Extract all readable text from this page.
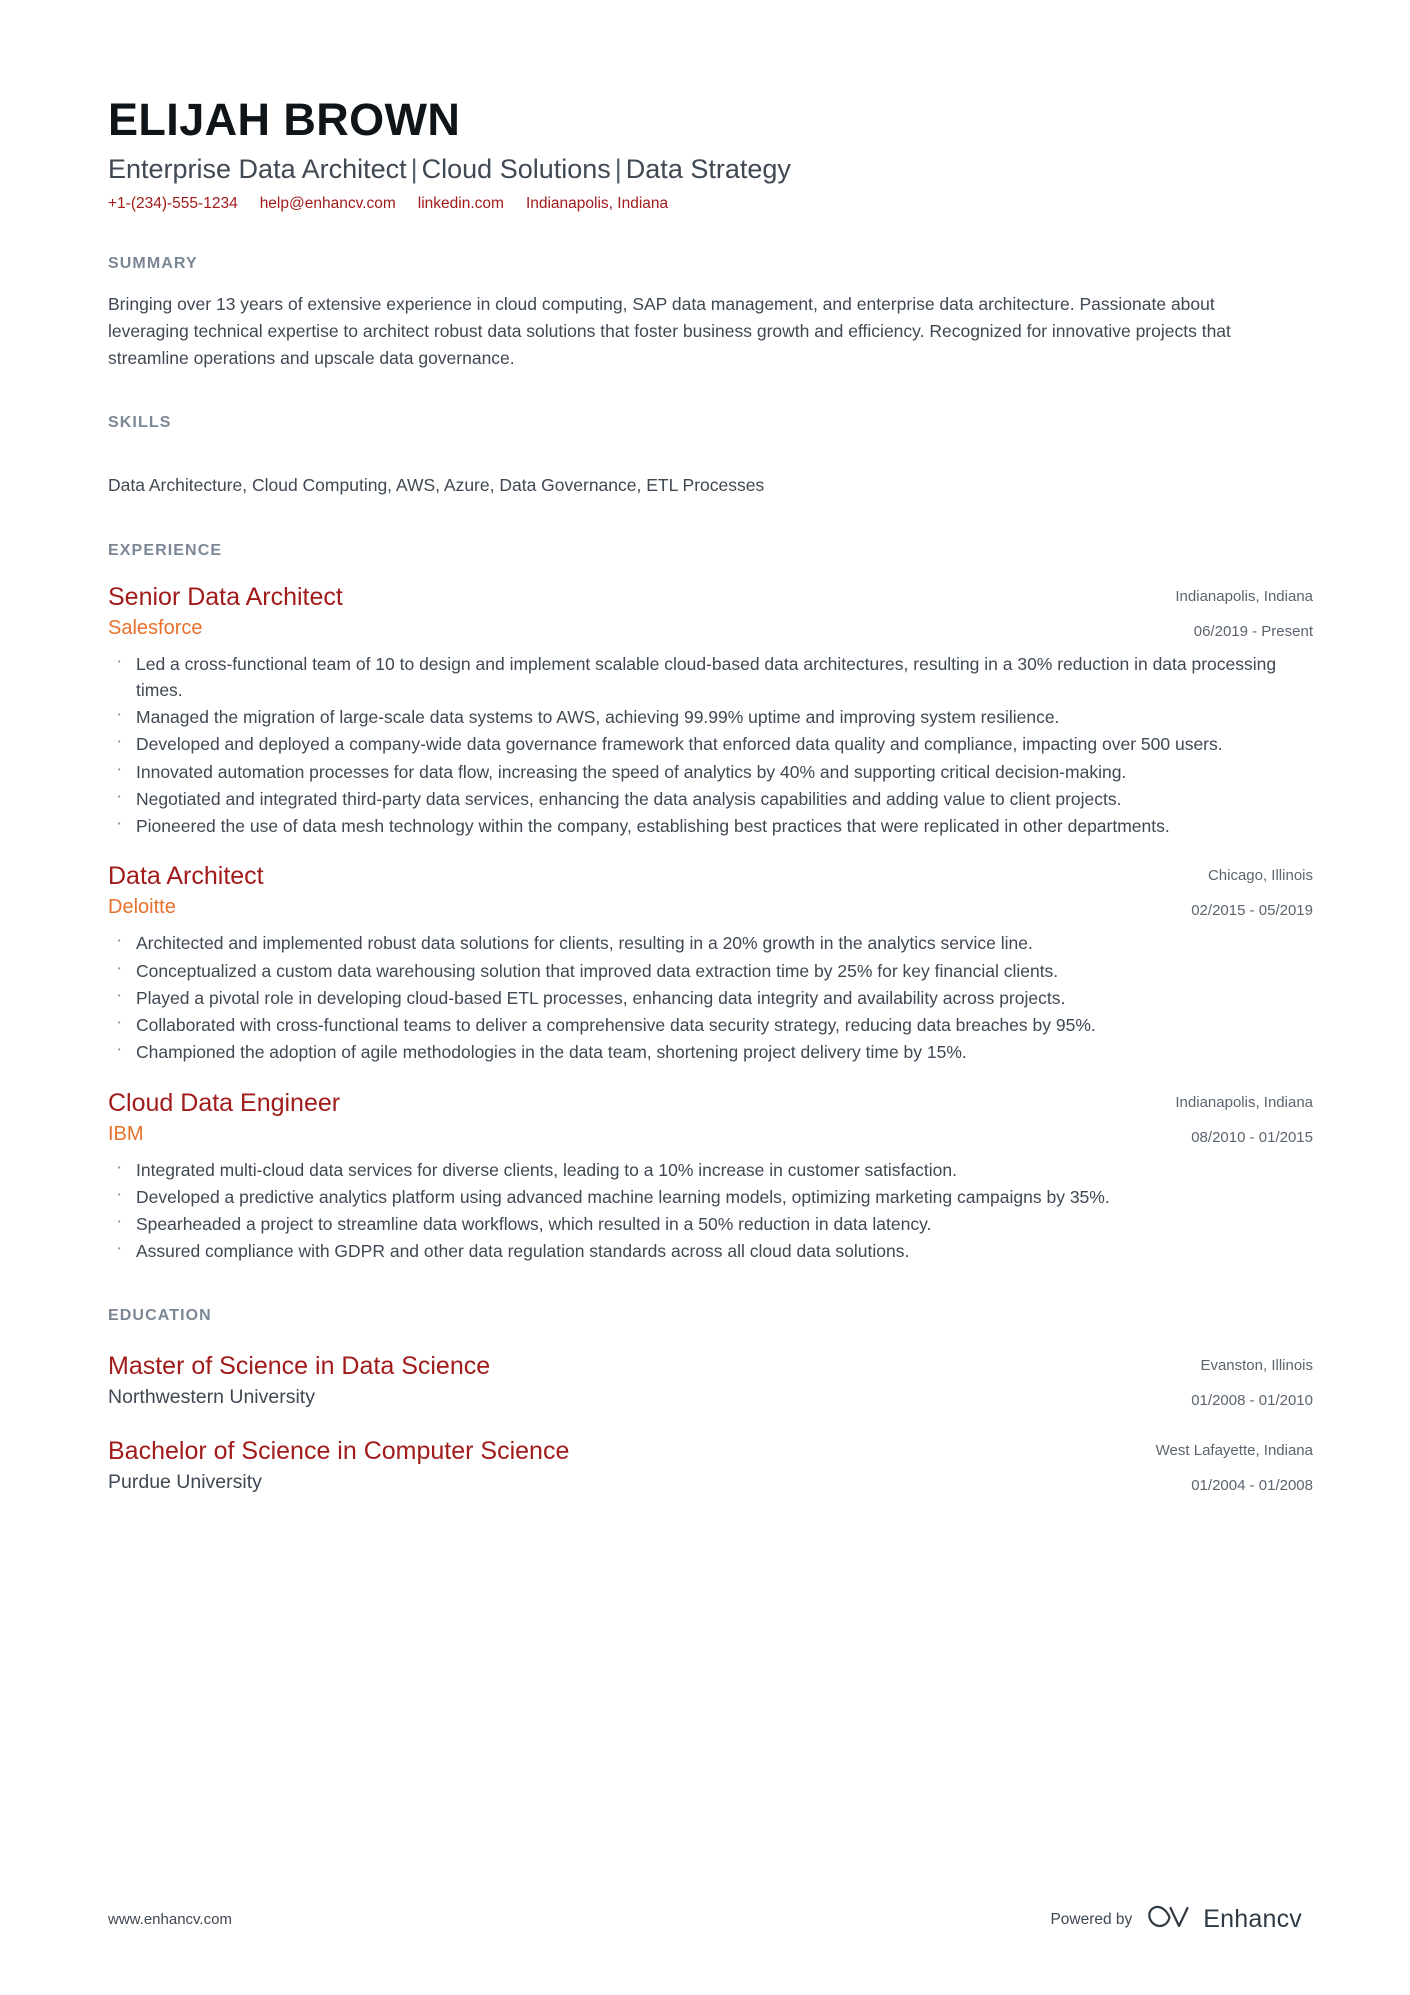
ELIJAH BROWN
Enterprise Data Architect | Cloud Solutions | Data Strategy
+1-(234)-555-1234 help@enhancv.com linkedin.com Indianapolis, Indiana
SUMMARY
Bringing over 13 years of extensive experience in cloud computing, SAP data management, and enterprise data architecture. Passionate about leveraging technical expertise to architect robust data solutions that foster business growth and efficiency. Recognized for innovative projects that streamline operations and upscale data governance.
SKILLS
Data Architecture, Cloud Computing, AWS, Azure, Data Governance, ETL Processes
EXPERIENCE
Senior Data Architect
Salesforce
Indianapolis, Indiana
06/2019 - Present
· Led a cross-functional team of 10 to design and implement scalable cloud-based data architectures, resulting in a 30% reduction in data processing times.
· Managed the migration of large-scale data systems to AWS, achieving 99.99% uptime and improving system resilience.
· Developed and deployed a company-wide data governance framework that enforced data quality and compliance, impacting over 500 users.
· Innovated automation processes for data flow, increasing the speed of analytics by 40% and supporting critical decision-making.
· Negotiated and integrated third-party data services, enhancing the data analysis capabilities and adding value to client projects.
· Pioneered the use of data mesh technology within the company, establishing best practices that were replicated in other departments.
Data Architect
Deloitte
Chicago, Illinois
02/2015 - 05/2019
· Architected and implemented robust data solutions for clients, resulting in a 20% growth in the analytics service line.
· Conceptualized a custom data warehousing solution that improved data extraction time by 25% for key financial clients.
· Played a pivotal role in developing cloud-based ETL processes, enhancing data integrity and availability across projects.
· Collaborated with cross-functional teams to deliver a comprehensive data security strategy, reducing data breaches by 95%.
· Championed the adoption of agile methodologies in the data team, shortening project delivery time by 15%.
Cloud Data Engineer
IBM
Indianapolis, Indiana
08/2010 - 01/2015
· Integrated multi-cloud data services for diverse clients, leading to a 10% increase in customer satisfaction.
· Developed a predictive analytics platform using advanced machine learning models, optimizing marketing campaigns by 35%.
· Spearheaded a project to streamline data workflows, which resulted in a 50% reduction in data latency.
· Assured compliance with GDPR and other data regulation standards across all cloud data solutions.
EDUCATION
Master of Science in Data Science
Northwestern University
Evanston, Illinois
01/2008 - 01/2010
Bachelor of Science in Computer Science
Purdue University
West Lafayette, Indiana
01/2004 - 01/2008
www.enhancv.com	Powered by	Enhancv
